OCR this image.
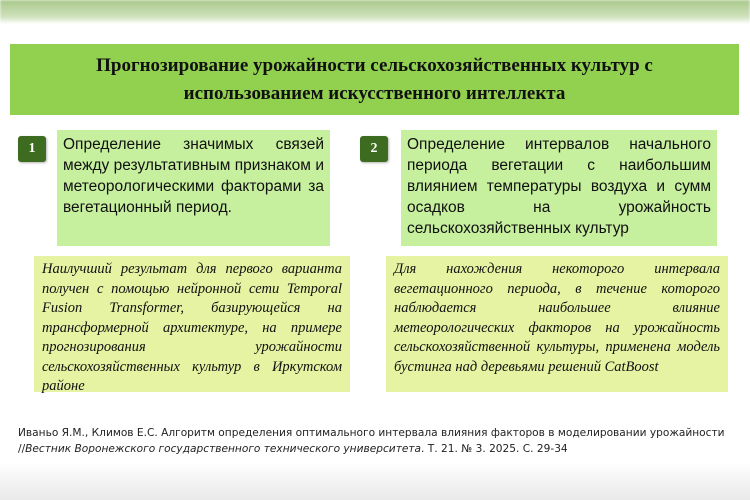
Прогнозирование урожайности сельскохозяйственных культур с использованием искусственного интеллекта
1	Определение значимых связей между результативным признаком и метеорологическими факторами за вегетационный период.
Наилучший результат для первого варианта получен с помощью нейронной сети Temporal Fusion Transformer, базирующейся на трансформерной архитектуре, на примере прогнозирования урожайности сельскохозяйственных культур в Иркутском районе
2	Определение интервалов начального периода вегетации с наибольшим влиянием температуры воздуха и сумм осадков на урожайность сельскохозяйственных культур
Для нахождения некоторого интервала вегетационного периода, в течение которого наблюдается наибольшее влияние метеорологических факторов на урожайность сельскохозяйственной культуры, применена модель бустинга над деревьями решений CatBoost
Иваньо Я.М., Климов Е.С. Алгоритм определения оптимального интервала влияния факторов в моделировании урожайности //Вестник Воронежского государственного технического университета. Т. 21. № 3. 2025. С. 29-34
